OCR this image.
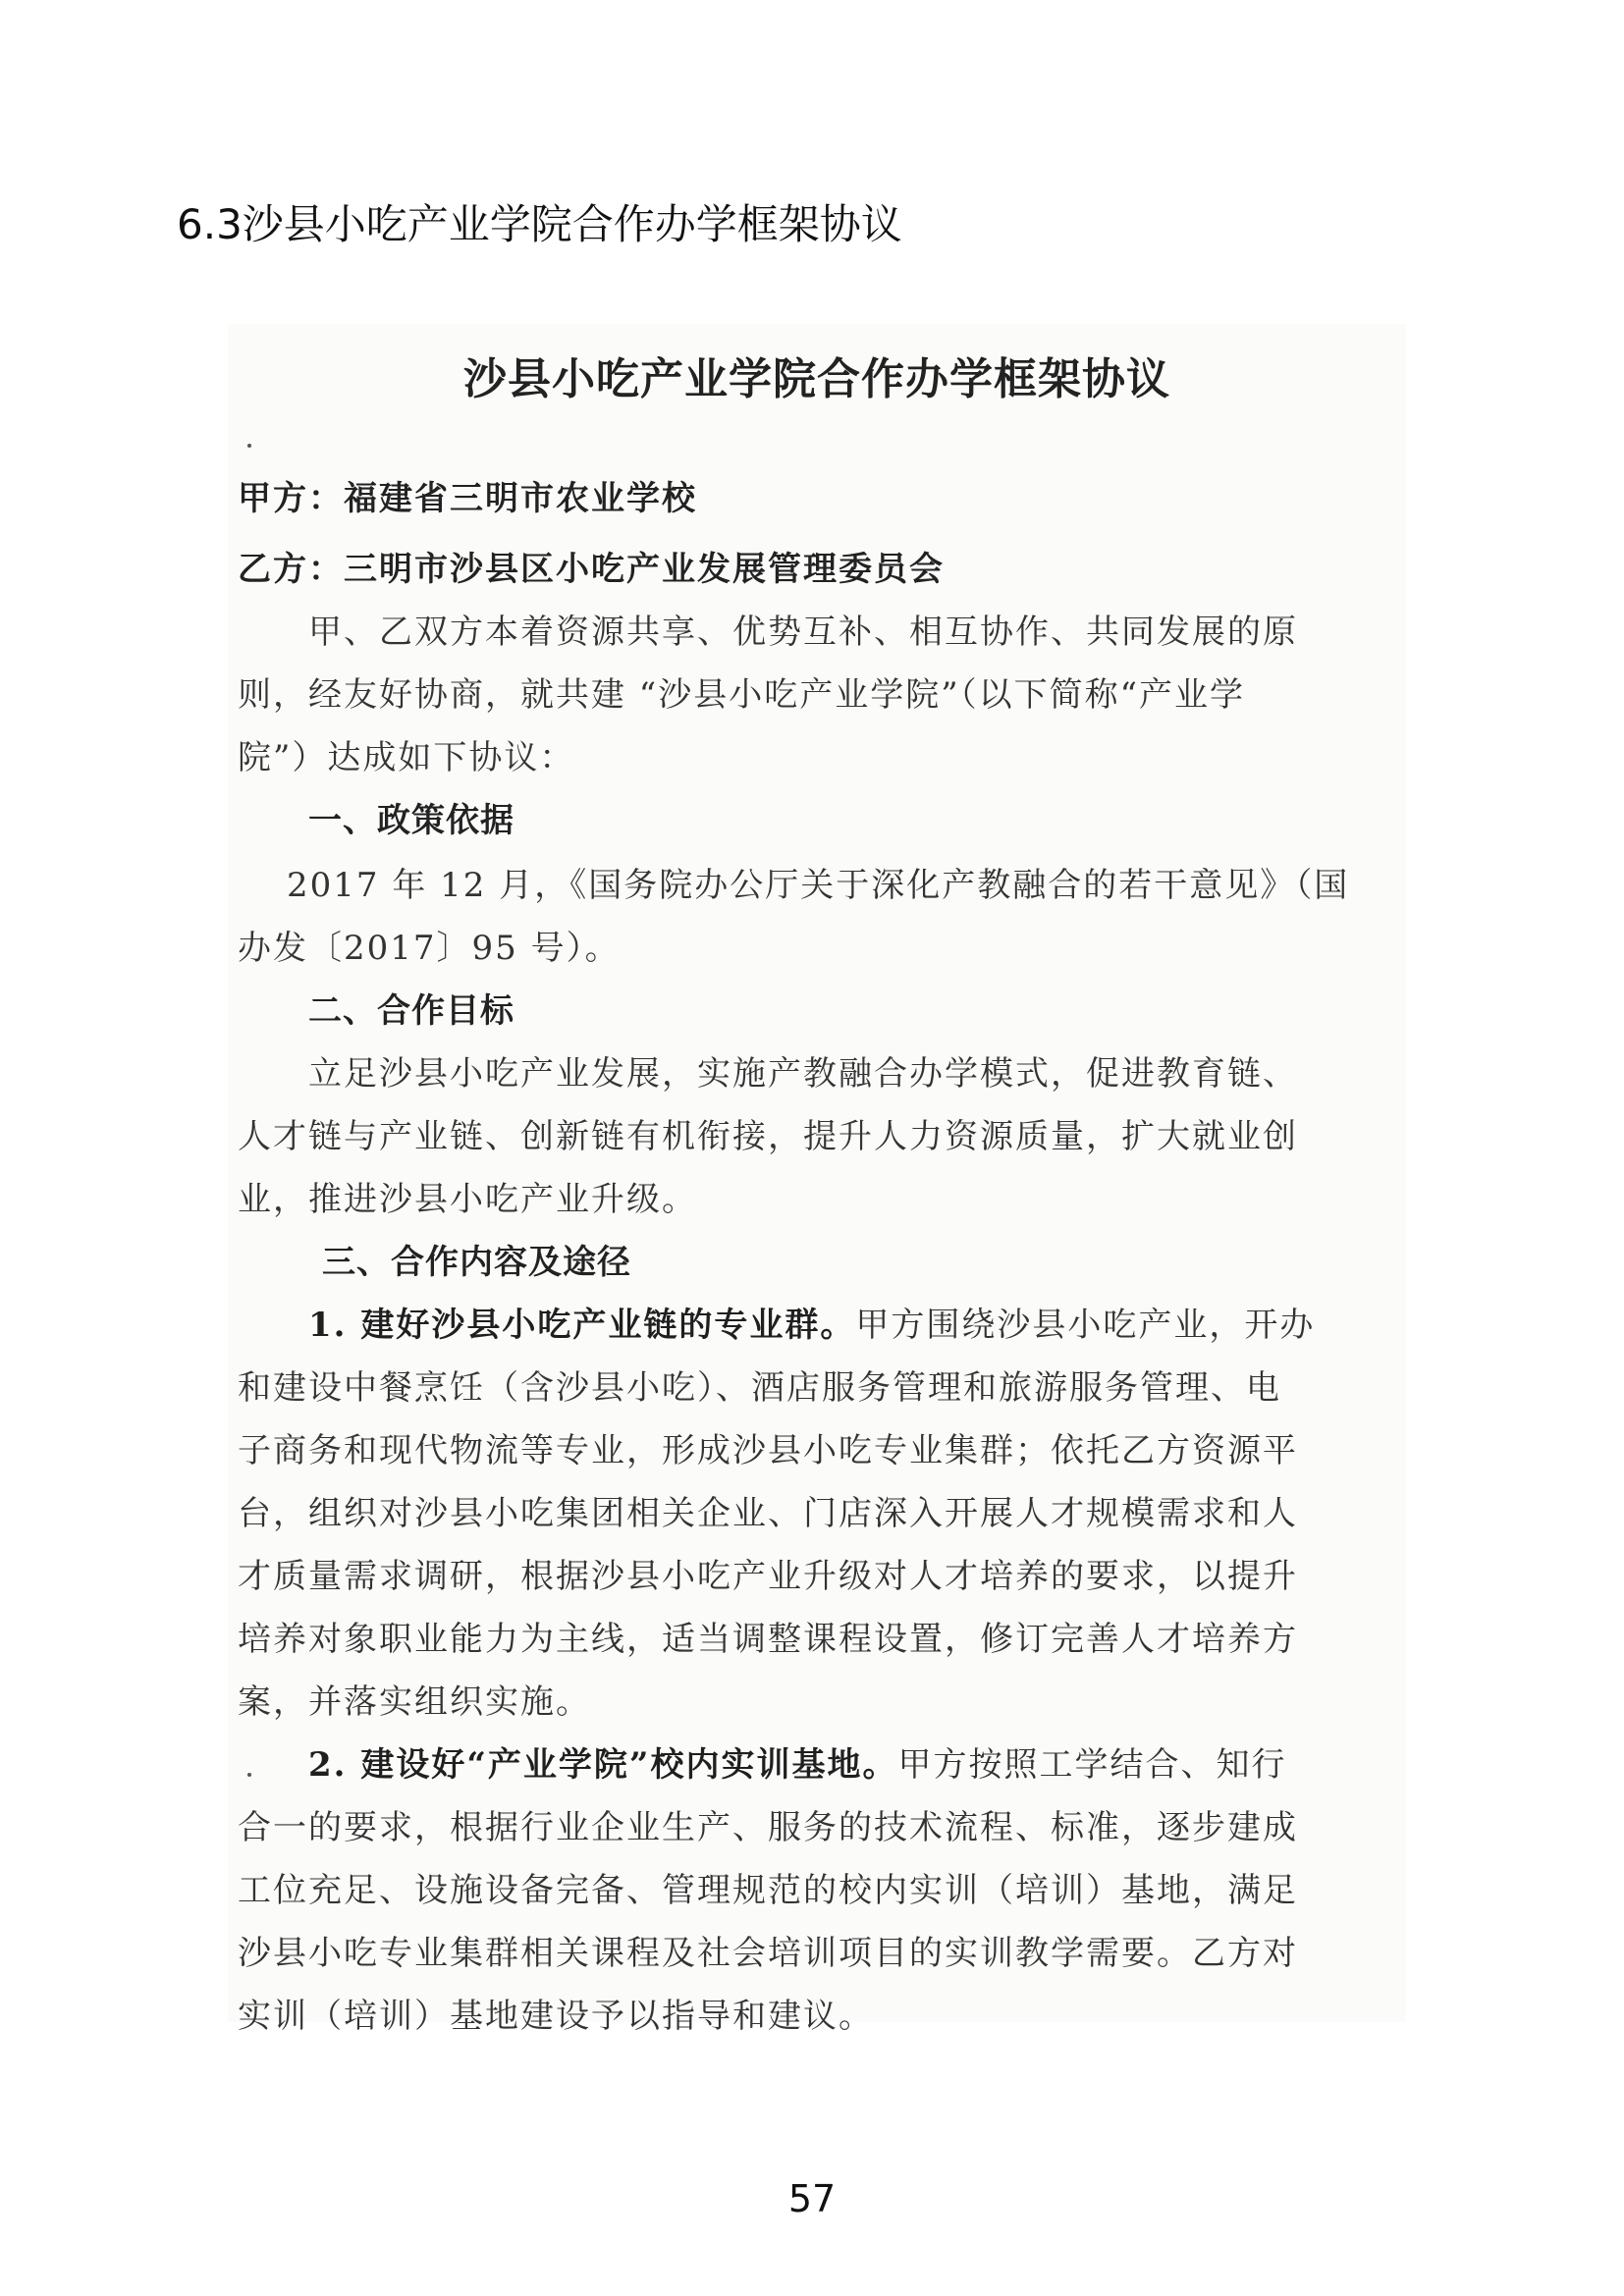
6.3沙县小吃产业学院合作办学框架协议
沙县小吃产业学院合作办学框架协议
甲方：福建省三明市农业学校
乙方：三明市沙县区小吃产业发展管理委员会
甲、乙双方本着资源共享、优势互补、相互协作、共同发展的原
则，经友好协商，就共建 “沙县小吃产业学院”（以下简称“产业学
院”）达成如下协议：
一、政策依据
2017 年 12 月，《国务院办公厅关于深化产教融合的若干意见》（国
办发〔2017〕95 号）。
二、合作目标
立足沙县小吃产业发展，实施产教融合办学模式，促进教育链、
人才链与产业链、创新链有机衔接，提升人力资源质量，扩大就业创
业，推进沙县小吃产业升级。
三、合作内容及途径
1. 建好沙县小吃产业链的专业群。甲方围绕沙县小吃产业，开办
和建设中餐烹饪（含沙县小吃）、酒店服务管理和旅游服务管理、电
子商务和现代物流等专业，形成沙县小吃专业集群；依托乙方资源平
台，组织对沙县小吃集团相关企业、门店深入开展人才规模需求和人
才质量需求调研，根据沙县小吃产业升级对人才培养的要求，以提升
培养对象职业能力为主线，适当调整课程设置，修订完善人才培养方
案，并落实组织实施。
2. 建设好“产业学院”校内实训基地。甲方按照工学结合、知行
合一的要求，根据行业企业生产、服务的技术流程、标准，逐步建成
工位充足、设施设备完备、管理规范的校内实训（培训）基地，满足
沙县小吃专业集群相关课程及社会培训项目的实训教学需要。乙方对
实训（培训）基地建设予以指导和建议。
57
